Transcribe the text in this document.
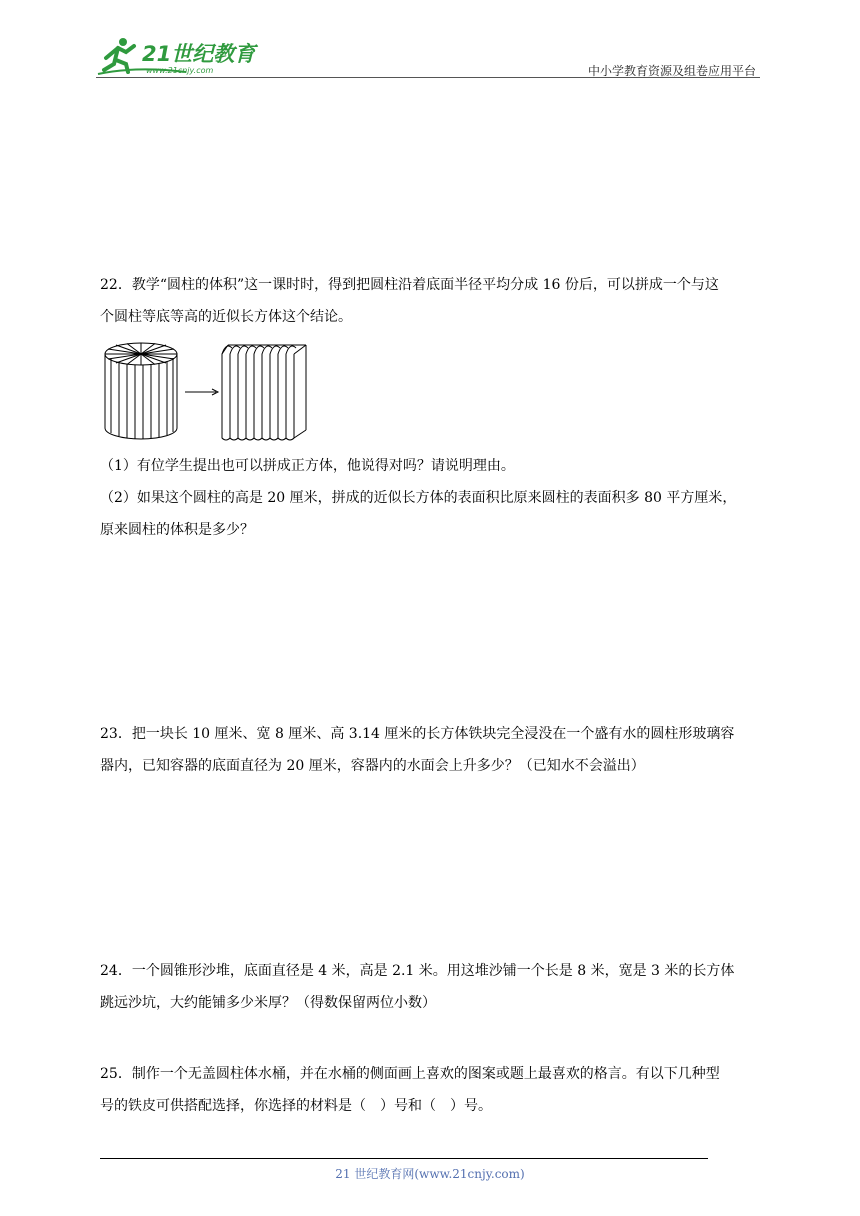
21世纪教育
www.21cnjy.com	中小学教育资源及组卷应用平台

22．教学“圆柱的体积”这一课时时，得到把圆柱沿着底面半径平均分成 16 份后，可以拼成一个与这

个圆柱等底等高的近似长方体这个结论。

（1）有位学生提出也可以拼成正方体，他说得对吗？请说明理由。

（2）如果这个圆柱的高是 20 厘米，拼成的近似长方体的表面积比原来圆柱的表面积多 80 平方厘米，

原来圆柱的体积是多少？

23．把一块长 10 厘米、宽 8 厘米、高 3.14 厘米的长方体铁块完全浸没在一个盛有水的圆柱形玻璃容

器内，已知容器的底面直径为 20 厘米，容器内的水面会上升多少？（已知水不会溢出）

24．一个圆锥形沙堆，底面直径是 4 米，高是 2.1 米。用这堆沙铺一个长是 8 米，宽是 3 米的长方体

跳远沙坑，大约能铺多少米厚？（得数保留两位小数）

25．制作一个无盖圆柱体水桶，并在水桶的侧面画上喜欢的图案或题上最喜欢的格言。有以下几种型

号的铁皮可供搭配选择，你选择的材料是（　）号和（　）号。

21 世纪教育网(www.21cnjy.com)
